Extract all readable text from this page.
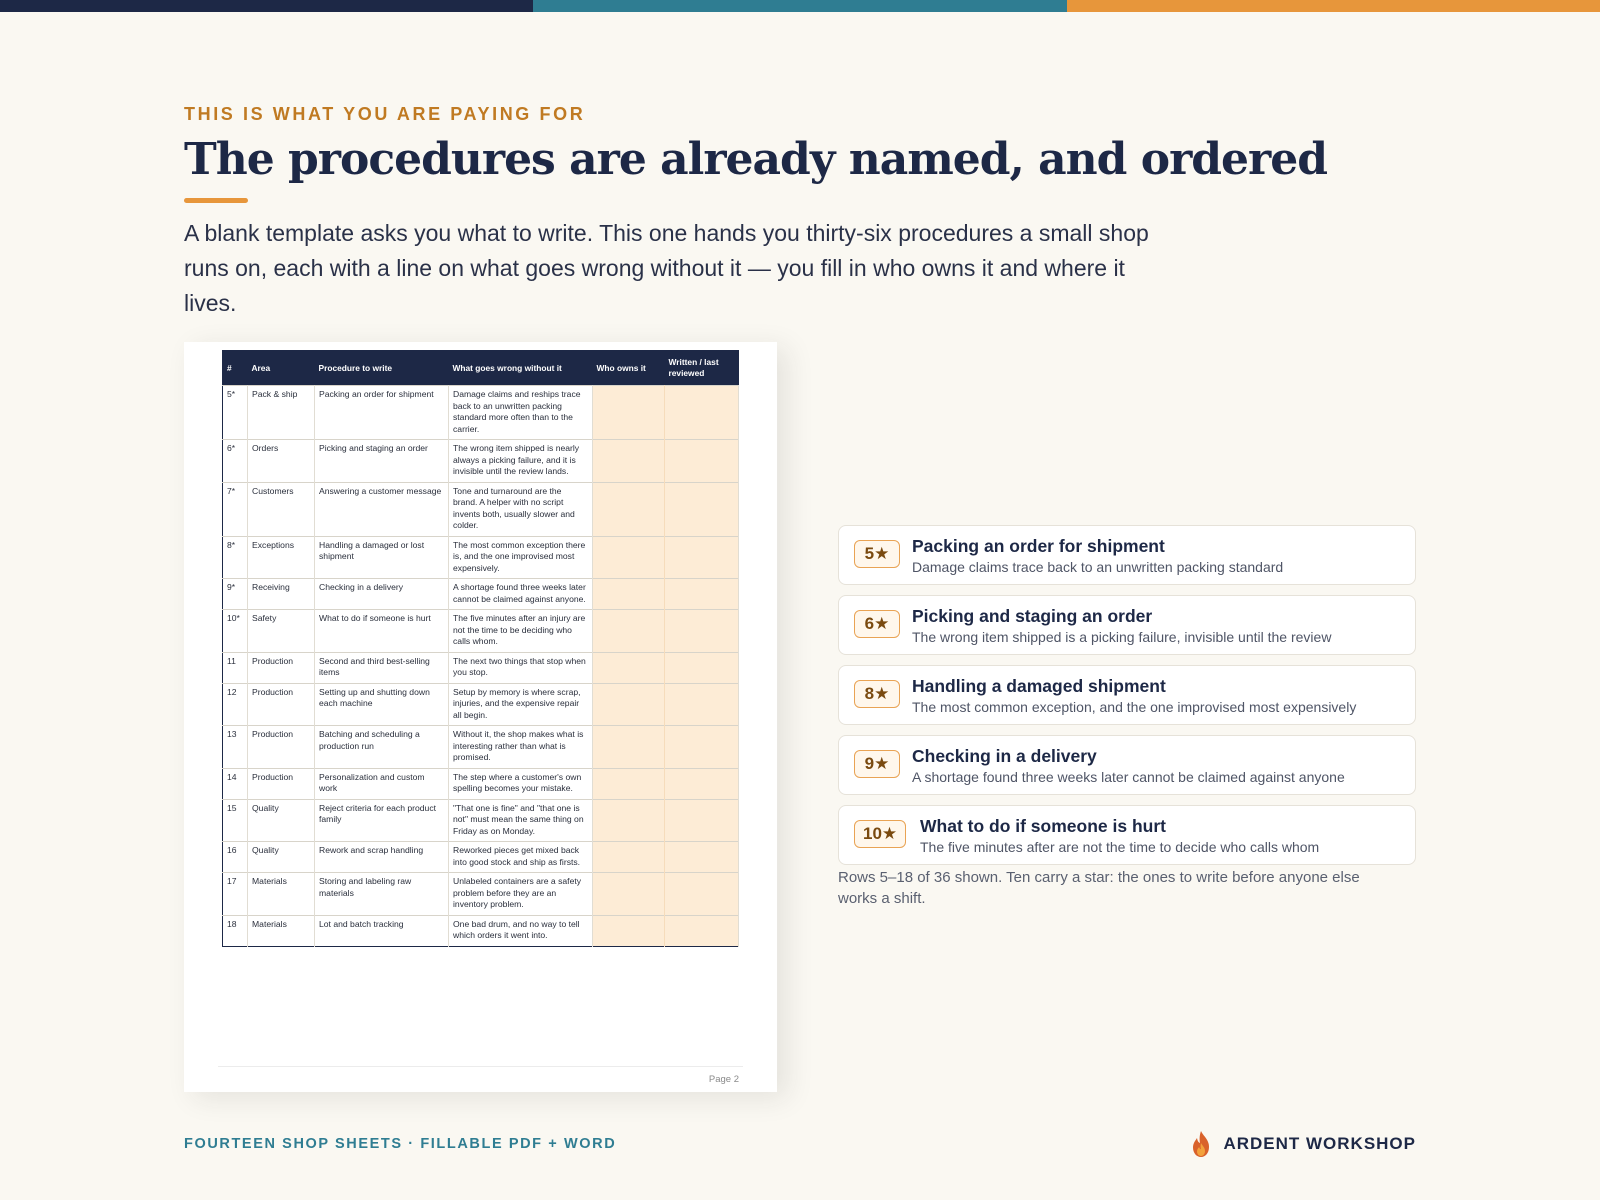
THIS IS WHAT YOU ARE PAYING FOR
The procedures are already named, and ordered

A blank template asks you what to write. This one hands you thirty-six procedures a small shop runs on, each with a line on what goes wrong without it — you fill in who owns it and where it lives.

#	Area	Procedure to write	What goes wrong without it	Who owns it	Written / last reviewed
5*	Pack & ship	Packing an order for shipment	Damage claims and reships trace back to an unwritten packing standard more often than to the carrier.		
6*	Orders	Picking and staging an order	The wrong item shipped is nearly always a picking failure, and it is invisible until the review lands.		
7*	Customers	Answering a customer message	Tone and turnaround are the brand. A helper with no script invents both, usually slower and colder.		
8*	Exceptions	Handling a damaged or lost shipment	The most common exception there is, and the one improvised most expensively.		
9*	Receiving	Checking in a delivery	A shortage found three weeks later cannot be claimed against anyone.		
10*	Safety	What to do if someone is hurt	The five minutes after an injury are not the time to be deciding who calls whom.		
11	Production	Second and third best-selling items	The next two things that stop when you stop.		
12	Production	Setting up and shutting down each machine	Setup by memory is where scrap, injuries, and the expensive repair all begin.		
13	Production	Batching and scheduling a production run	Without it, the shop makes what is interesting rather than what is promised.		
14	Production	Personalization and custom work	The step where a customer's own spelling becomes your mistake.		
15	Quality	Reject criteria for each product family	"That one is fine" and "that one is not" must mean the same thing on Friday as on Monday.		
16	Quality	Rework and scrap handling	Reworked pieces get mixed back into good stock and ship as firsts.		
17	Materials	Storing and labeling raw materials	Unlabeled containers are a safety problem before they are an inventory problem.		
18	Materials	Lot and batch tracking	One bad drum, and no way to tell which orders it went into.		
Page 2
5★	Packing an order for shipment
Damage claims trace back to an unwritten packing standard
6★	Picking and staging an order
The wrong item shipped is a picking failure, invisible until the review
8★	Handling a damaged shipment
The most common exception, and the one improvised most expensively
9★	Checking in a delivery
A shortage found three weeks later cannot be claimed against anyone
10★	What to do if someone is hurt
The five minutes after are not the time to decide who calls whom

Rows 5–18 of 36 shown. Ten carry a star: the ones to write before anyone else works a shift.

FOURTEEN SHOP SHEETS · FILLABLE PDF + WORD	ARDENT WORKSHOP
